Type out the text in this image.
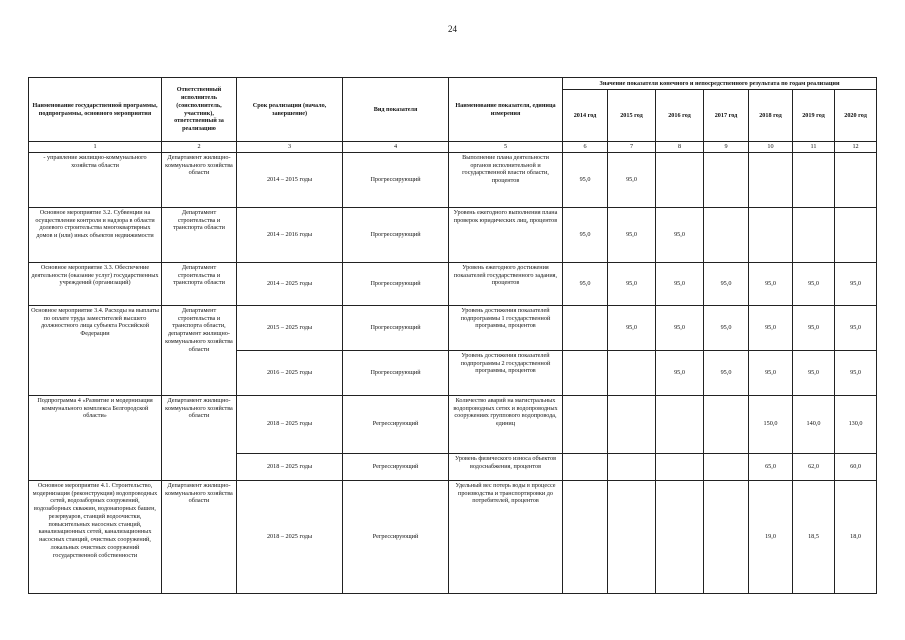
24
Наименование государственной программы, подпрограммы, основного мероприятия	Ответственный исполнитель (соисполнитель, участник), ответственный за реализацию	Срок реализации (начало, завершение)	Вид показателя	Наименование показателя, единица измерения	Значение показателя конечного и непосредственного результата по годам реализации						
					2014 год	2015 год	2016 год	2017 год	2018 год	2019 год	2020 год
1	2	3	4	5	6	7	8	9	10	11	12
- управление жилищно-коммунального хозяйства области	Департамент жилищно-коммунального хозяйства области	2014 – 2015 годы	Прогрессирующий	Выполнение плана деятельности органов исполнительной и государственной власти области, процентов	95,0	95,0					
Основное мероприятие 3.2. Субвенции на осуществление контроля и надзора в области долевого строительства многоквартирных домов и (или) иных объектов недвижимости	Департамент строительства и транспорта области	2014 – 2016 годы	Прогрессирующий	Уровень ежегодного выполнения плана проверок юридических лиц, процентов	95,0	95,0	95,0				
Основное мероприятие 3.3. Обеспечение деятельности (оказание услуг) государственных учреждений (организаций)	Департамент строительства и транспорта области	2014 – 2025 годы	Прогрессирующий	Уровень ежегодного достижения показателей государственного задания, процентов	95,0	95,0	95,0	95,0	95,0	95,0	95,0
Основное мероприятие 3.4. Расходы на выплаты по оплате труда заместителей высшего должностного лица субъекта Российской Федерации	Департамент строительства и транспорта области, департамент жилищно-коммунального хозяйства области	2015 – 2025 годы	Прогрессирующий	Уровень достижения показателей подпрограммы 1 государственной программы, процентов		95,0	95,0	95,0	95,0	95,0	95,0
		2016 – 2025 годы	Прогрессирующий	Уровень достижения показателей подпрограммы 2 государственной программы, процентов			95,0	95,0	95,0	95,0	95,0
Подпрограмма 4 «Развитие и модернизация коммунального комплекса Белгородской области»	Департамент жилищно-коммунального хозяйства области	2018 – 2025 годы	Регрессирующий	Количество аварий на магистральных водопроводных сетях и водопроводных сооружениях группового водопровода, единиц					150,0	140,0	130,0
		2018 – 2025 годы	Регрессирующий	Уровень физического износа объектов водоснабжения, процентов					65,0	62,0	60,0
Основное мероприятие 4.1. Строительство, модернизация (реконструкция) водопроводных сетей, водозаборных сооружений, водозаборных скважин, водонапорных башен, резервуаров, станций водоочистки, повысительных насосных станций, канализационных сетей, канализационных насосных станций, очистных сооружений, локальных очистных сооружений государственной собственности	Департамент жилищно-коммунального хозяйства области	2018 – 2025 годы	Регрессирующий	Удельный вес потерь воды в процессе производства и транспортировки до потребителей, процентов					19,0	18,5	18,0
